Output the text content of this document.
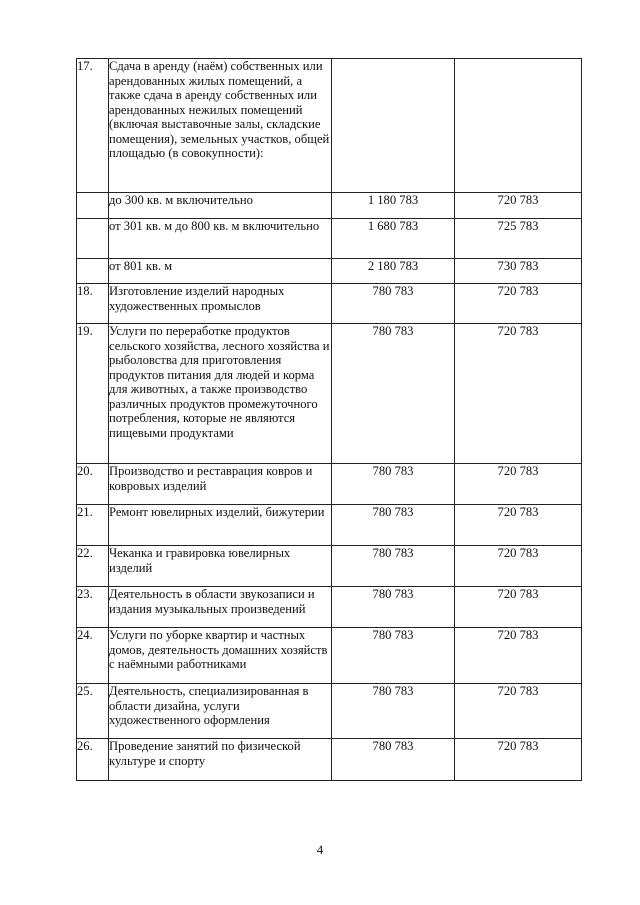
17.	Сдача в аренду (наём) собственных или арендованных жилых помещений, а также сдача в аренду собственных или арендованных нежилых помещений (включая выставочные залы, складские помещения), земельных участков, общей площадью (в совокупности):		
	до 300 кв. м включительно	1 180 783	720 783
	от 301 кв. м до 800 кв. м включительно	1 680 783	725 783
	от 801 кв. м	2 180 783	730 783
18.	Изготовление изделий народных художественных промыслов	780 783	720 783
19.	Услуги по переработке продуктов сельского хозяйства, лесного хозяйства и рыболовства для приготовления продуктов питания для людей и корма для животных, а также производство различных продуктов промежуточного потребления, которые не являются пищевыми продуктами	780 783	720 783
20.	Производство и реставрация ковров и ковровых изделий	780 783	720 783
21.	Ремонт ювелирных изделий, бижутерии	780 783	720 783
22.	Чеканка и гравировка ювелирных изделий	780 783	720 783
23.	Деятельность в области звукозаписи и издания музыкальных произведений	780 783	720 783
24.	Услуги по уборке квартир и частных домов, деятельность домашних хозяйств с наёмными работниками	780 783	720 783
25.	Деятельность, специализированная в области дизайна, услуги художественного оформления	780 783	720 783
26.	Проведение занятий по физической культуре и спорту	780 783	720 783
4
